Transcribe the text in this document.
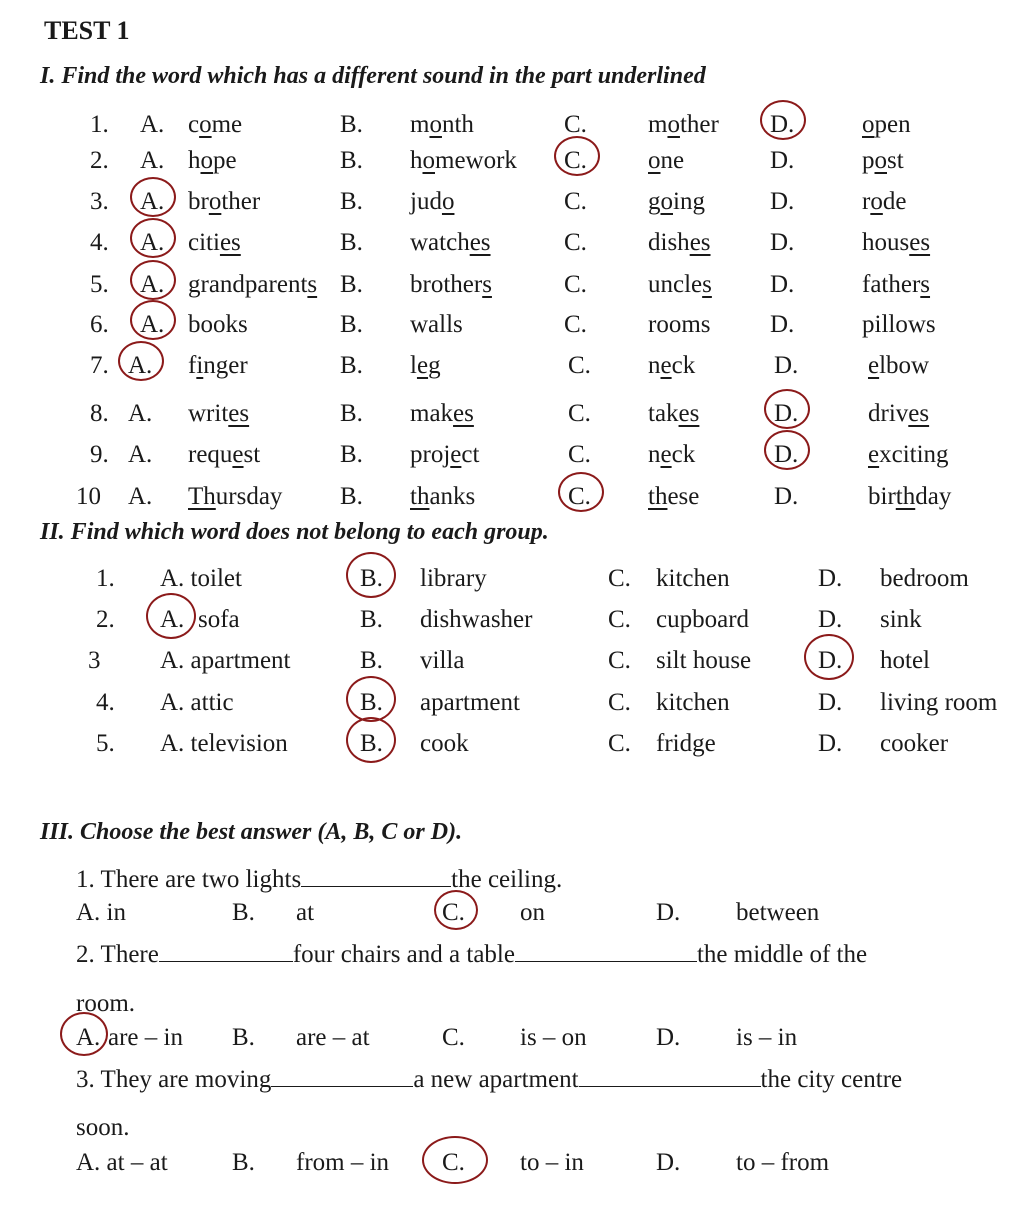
TEST 1
I. Find the word which has a different sound in the part underlined
1. A. come	B. month	C. mother D.	open
2. A. hope	B. homework C. one	D.	post
3. A. brother	B. judo	C. going	D.	rode
4. A. cities	B. watches	C. dishes D.	houses
5. A. grandparents B. brothers	C. uncles D.	fathers
6. A. books	B. walls	C. rooms D.	pillows
7. A. finger	B. leg	C. neck	D.	elbow
8. A. writes	B. makes	C. takes	D.	drives
9. A. request	B. project	C. neck	D.	exciting
10 A. Thursday B. thanks	C. these	D.	birthday
II. Find which word does not belong to each group.
1. A. toilet	B. library	C. kitchen	D. bedroom
2. A. sofa	B. dishwasher	C. cupboard	D. sink
3 A. apartment	B. villa	C. silt house	D. hotel
4. A. attic	B. apartment	C. kitchen	D. living room
5. A. television	B. cook	C. fridge	D. cooker
III. Choose the best answer (A, B, C or D).
1. There are two lights	the ceiling.
A. in	B. at	C. on	D. between
2. There	four chairs and a table	the middle of the
room.
A. are – in B. are – at	C. is – on	D. is – in
3. They are moving	a new apartment	the city centre
soon.
A. at – at	B. from – in C. to – in	D. to – from
